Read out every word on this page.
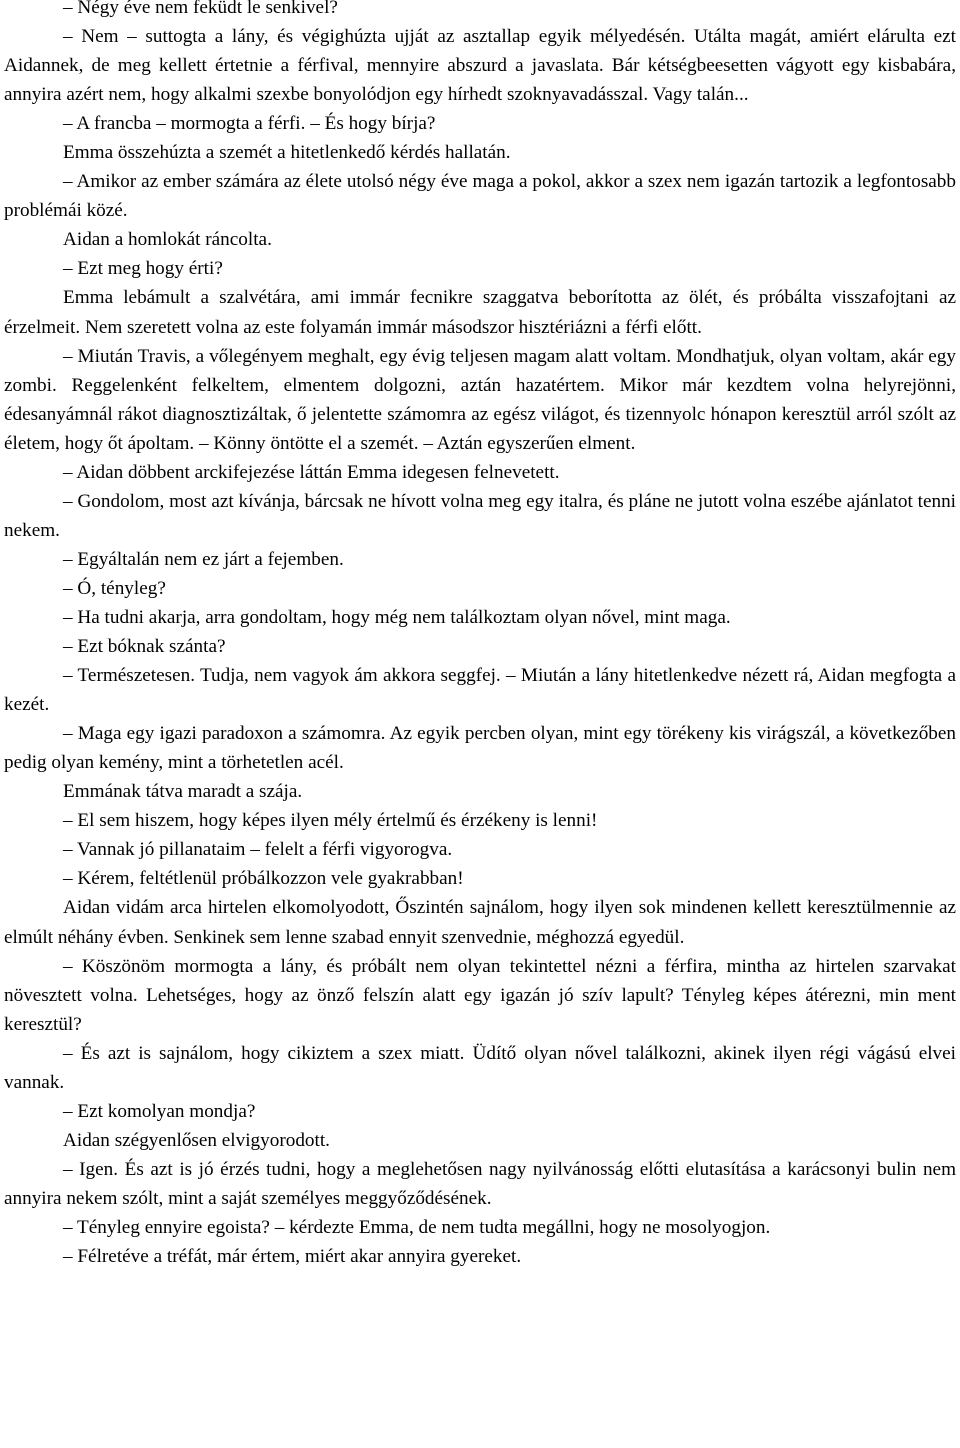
– Négy éve nem feküdt le senkivel?

– Nem – suttogta a lány, és végighúzta ujját az asztallap egyik mélyedésén. Utálta magát, amiért elárulta ezt Aidannek, de meg kellett értetnie a férfival, mennyire abszurd a javaslata. Bár kétségbeesetten vágyott egy kisbabára, annyira azért nem, hogy alkalmi szexbe bonyolódjon egy hírhedt szoknyavadásszal. Vagy talán...

– A francba – mormogta a férfi. – És hogy bírja?

Emma összehúzta a szemét a hitetlenkedő kérdés hallatán.

– Amikor az ember számára az élete utolsó négy éve maga a pokol, akkor a szex nem igazán tartozik a legfontosabb problémái közé.

Aidan a homlokát ráncolta.

– Ezt meg hogy érti?

Emma lebámult a szalvétára, ami immár fecnikre szaggatva beborította az ölét, és próbálta visszafojtani az érzelmeit. Nem szeretett volna az este folyamán immár másodszor hisztériázni a férfi előtt.

– Miután Travis, a vőlegényem meghalt, egy évig teljesen magam alatt voltam. Mondhatjuk, olyan voltam, akár egy zombi. Reggelenként felkeltem, elmentem dolgozni, aztán hazatértem. Mikor már kezdtem volna helyrejönni, édesanyámnál rákot diagnosztizáltak, ő jelentette számomra az egész világot, és tizennyolc hónapon keresztül arról szólt az életem, hogy őt ápoltam. – Könny öntötte el a szemét. – Aztán egyszerűen elment.

– Aidan döbbent arckifejezése láttán Emma idegesen felnevetett.

– Gondolom, most azt kívánja, bárcsak ne hívott volna meg egy italra, és pláne ne jutott volna eszébe ajánlatot tenni nekem.

– Egyáltalán nem ez járt a fejemben.

– Ó, tényleg?

– Ha tudni akarja, arra gondoltam, hogy még nem találkoztam olyan nővel, mint maga.

– Ezt bóknak szánta?

– Természetesen. Tudja, nem vagyok ám akkora seggfej. – Miután a lány hitetlenkedve nézett rá, Aidan megfogta a kezét.

– Maga egy igazi paradoxon a számomra. Az egyik percben olyan, mint egy törékeny kis virágszál, a következőben pedig olyan kemény, mint a törhetetlen acél.

Emmának tátva maradt a szája.

– El sem hiszem, hogy képes ilyen mély értelmű és érzékeny is lenni!

– Vannak jó pillanataim – felelt a férfi vigyorogva.

– Kérem, feltétlenül próbálkozzon vele gyakrabban!

Aidan vidám arca hirtelen elkomolyodott, Őszintén sajnálom, hogy ilyen sok mindenen kellett keresztülmennie az elmúlt néhány évben. Senkinek sem lenne szabad ennyit szenvednie, méghozzá egyedül.

– Köszönöm mormogta a lány, és próbált nem olyan tekintettel nézni a férfira, mintha az hirtelen szarvakat növesztett volna. Lehetséges, hogy az önző felszín alatt egy igazán jó szív lapult? Tényleg képes átérezni, min ment keresztül?

– És azt is sajnálom, hogy cikiztem a szex miatt. Üdítő olyan nővel találkozni, akinek ilyen régi vágású elvei vannak.

– Ezt komolyan mondja?

Aidan szégyenlősen elvigyorodott.

– Igen. És azt is jó érzés tudni, hogy a meglehetősen nagy nyilvánosság előtti elutasítása a karácsonyi bulin nem annyira nekem szólt, mint a saját személyes meggyőződésének.

– Tényleg ennyire egoista? – kérdezte Emma, de nem tudta megállni, hogy ne mosolyogjon.

– Félretéve a tréfát, már értem, miért akar annyira gyereket.
